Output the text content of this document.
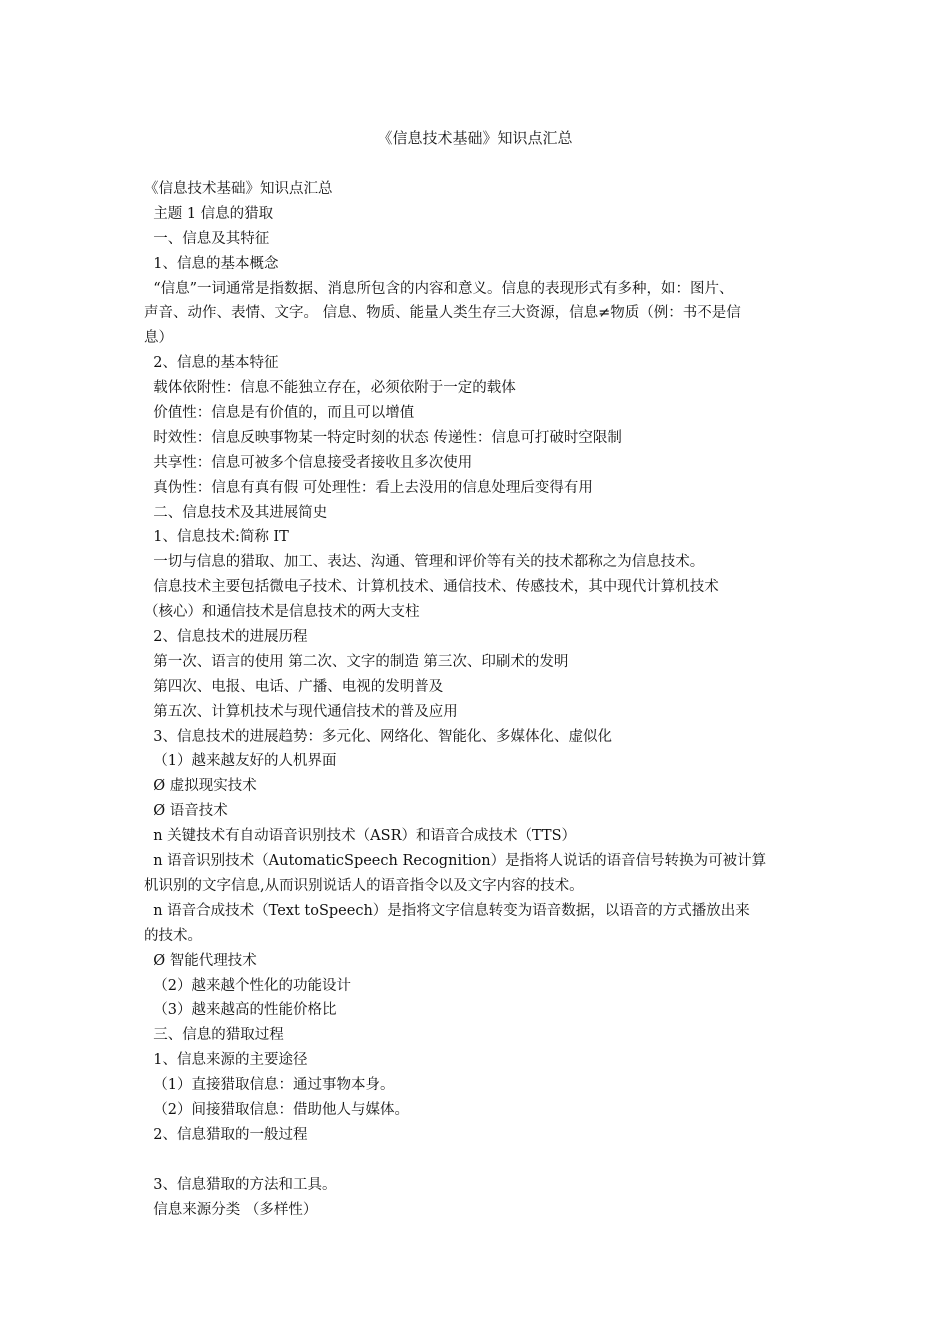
《信息技术基础》知识点汇总
《信息技术基础》知识点汇总
主题 1 信息的猎取
一、信息及其特征
1、信息的基本概念
“信息”一词通常是指数据、消息所包含的内容和意义。信息的表现形式有多种，如：图片、
声音、动作、表情、文字。 信息、物质、能量人类生存三大资源，信息≠物质（例：书不是信
息）
2、信息的基本特征
载体依附性：信息不能独立存在，必须依附于一定的载体
价值性：信息是有价值的，而且可以增值
时效性：信息反映事物某一特定时刻的状态 传递性：信息可打破时空限制
共享性：信息可被多个信息接受者接收且多次使用
真伪性：信息有真有假 可处理性：看上去没用的信息处理后变得有用
二、信息技术及其进展简史
1、信息技术:简称 IT
一切与信息的猎取、加工、表达、沟通、管理和评价等有关的技术都称之为信息技术。
信息技术主要包括微电子技术、计算机技术、通信技术、传感技术，其中现代计算机技术
（核心）和通信技术是信息技术的两大支柱
2、信息技术的进展历程
第一次、语言的使用 第二次、文字的制造 第三次、印刷术的发明
第四次、电报、电话、广播、电视的发明普及
第五次、计算机技术与现代通信技术的普及应用
3、信息技术的进展趋势：多元化、网络化、智能化、多媒体化、虚似化
（1）越来越友好的人机界面
Ø 虚拟现实技术
Ø 语音技术
n 关键技术有自动语音识别技术（ASR）和语音合成技术（TTS）
n 语音识别技术（AutomaticSpeech Recognition）是指将人说话的语音信号转换为可被计算
机识别的文字信息,从而识别说话人的语音指令以及文字内容的技术。
n 语音合成技术（Text toSpeech）是指将文字信息转变为语音数据，以语音的方式播放出来
的技术。
Ø 智能代理技术
（2）越来越个性化的功能设计
（3）越来越高的性能价格比
三、信息的猎取过程
1、信息来源的主要途径
（1）直接猎取信息：通过事物本身。
（2）间接猎取信息：借助他人与媒体。
2、信息猎取的一般过程
3、信息猎取的方法和工具。
信息来源分类 （多样性）
